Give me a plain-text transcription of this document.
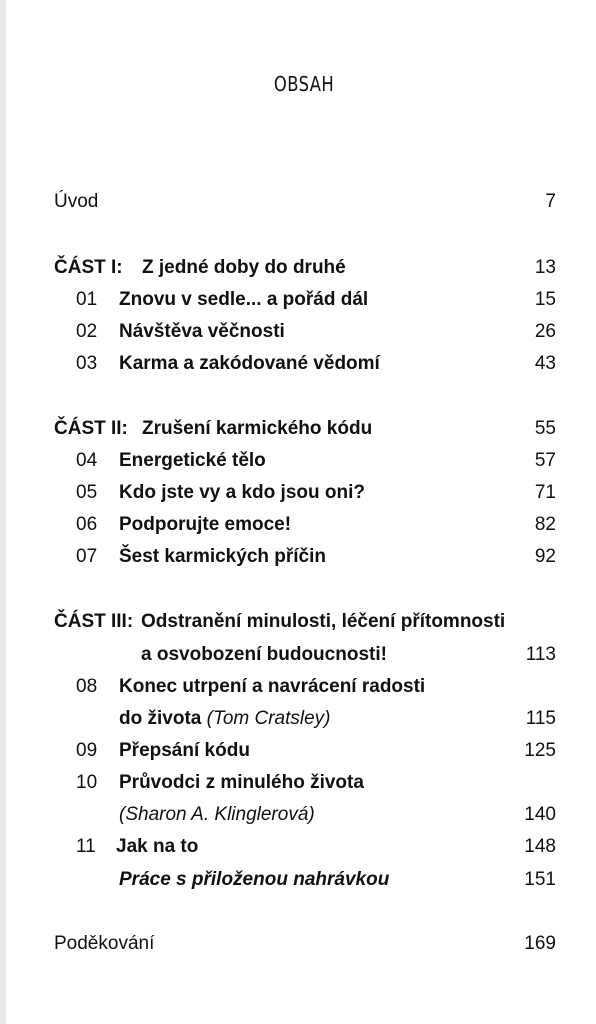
OBSAH
Úvod	7
ČÁST I: Z jedné doby do druhé	13
01 Znovu v sedle... a pořád dál	15
02 Návštěva věčnosti	26
03 Karma a zakódované vědomí	43
ČÁST II: Zrušení karmického kódu	55
04 Energetické tělo	57
05 Kdo jste vy a kdo jsou oni?	71
06 Podporujte emoce!	82
07 Šest karmických příčin	92
ČÁST III: Odstranění minulosti, léčení přítomnosti
a osvobození budoucnosti!	113
08 Konec utrpení a navrácení radosti
do života (Tom Cratsley)	115
09 Přepsání kódu	125
10 Průvodci z minulého života
(Sharon A. Klinglerová)	140
11	Jak na to	148
Práce s přiloženou nahrávkou	151
Poděkování	169
